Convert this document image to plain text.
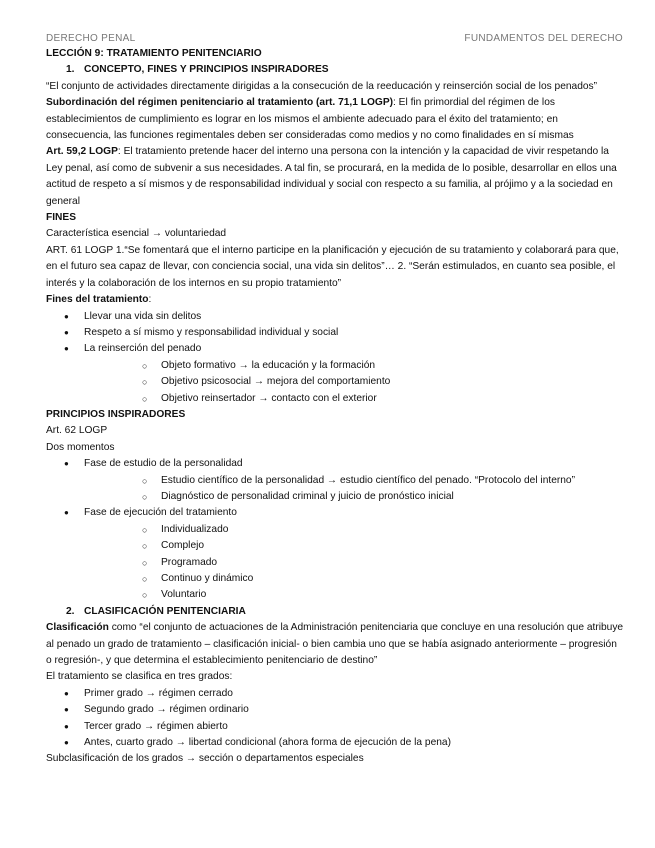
DERECHO PENAL	FUNDAMENTOS DEL DERECHO

LECCIÓN 9: TRATAMIENTO PENITENCIARIO

1. CONCEPTO, FINES Y PRINCIPIOS INSPIRADORES

“El conjunto de actividades directamente dirigidas a la consecución de la reeducación y reinserción social de los penados”

Subordinación del régimen penitenciario al tratamiento (art. 71,1 LOGP): El fin primordial del régimen de los establecimientos de cumplimiento es lograr en los mismos el ambiente adecuado para el éxito del tratamiento; en consecuencia, las funciones regimentales deben ser consideradas como medios y no como finalidades en sí mismas

Art. 59,2 LOGP: El tratamiento pretende hacer del interno una persona con la intención y la capacidad de vivir respetando la Ley penal, así como de subvenir a sus necesidades. A tal fin, se procurará, en la medida de lo posible, desarrollar en ellos una actitud de respeto a sí mismos y de responsabilidad individual y social con respecto a su familia, al prójimo y a la sociedad en general

FINES

Característica esencial → voluntariedad

ART. 61 LOGP 1.“Se fomentará que el interno participe en la planificación y ejecución de su tratamiento y colaborará para que, en el futuro sea capaz de llevar, con conciencia social, una vida sin delitos”… 2. “Serán estimulados, en cuanto sea posible, el interés y la colaboración de los internos en su propio tratamiento”

Fines del tratamiento:

● Llevar una vida sin delitos
● Respeto a sí mismo y responsabilidad individual y social
● La reinserción del penado
○ Objeto formativo → la educación y la formación
○ Objetivo psicosocial → mejora del comportamiento
○ Objetivo reinsertador → contacto con el exterior

PRINCIPIOS INSPIRADORES

Art. 62 LOGP

Dos momentos

● Fase de estudio de la personalidad
○ Estudio científico de la personalidad → estudio científico del penado. “Protocolo del interno”
○ Diagnóstico de personalidad criminal y juicio de pronóstico inicial
● Fase de ejecución del tratamiento
○ Individualizado
○ Complejo
○ Programado
○ Continuo y dinámico
○ Voluntario

2. CLASIFICACIÓN PENITENCIARIA

Clasificación como “el conjunto de actuaciones de la Administración penitenciaria que concluye en una resolución que atribuye al penado un grado de tratamiento – clasificación inicial- o bien cambia uno que se había asignado anteriormente – progresión o regresión-, y que determina el establecimiento penitenciario de destino”

El tratamiento se clasifica en tres grados:

● Primer grado → régimen cerrado
● Segundo grado → régimen ordinario
● Tercer grado → régimen abierto
● Antes, cuarto grado → libertad condicional (ahora forma de ejecución de la pena)

Subclasificación de los grados → sección o departamentos especiales
